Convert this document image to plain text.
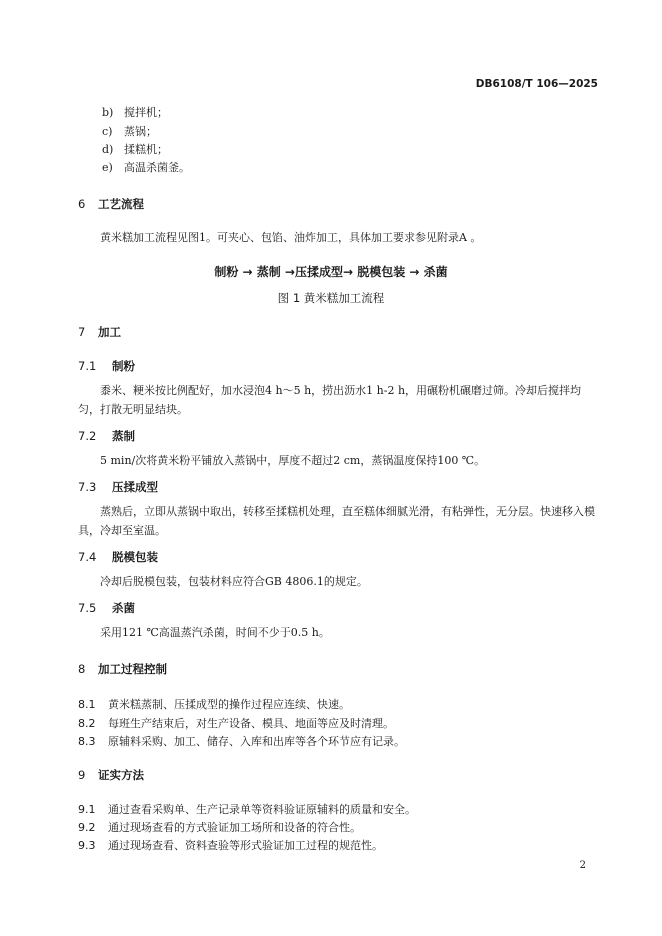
DB6108/T 106—2025
b) 搅拌机；
c) 蒸锅；
d) 揉糕机；
e) 高温杀菌釜。
6 工艺流程
黄米糕加工流程见图1。可夹心、包馅、油炸加工，具体加工要求参见附录A 。
制粉 → 蒸制 →压揉成型→ 脱模包装 → 杀菌
图 1 黄米糕加工流程
7 加工
7.1 制粉
黍米、粳米按比例配好，加水浸泡4 h～5 h，捞出沥水1 h-2 h，用碾粉机碾磨过筛。冷却后搅拌均匀，打散无明显结块。
7.2 蒸制
5 min/次将黄米粉平铺放入蒸锅中，厚度不超过2 cm，蒸锅温度保持100 ℃。
7.3 压揉成型
蒸熟后，立即从蒸锅中取出，转移至揉糕机处理，直至糕体细腻光滑，有粘弹性，无分层。快速移入模具，冷却至室温。
7.4 脱模包装
冷却后脱模包装，包装材料应符合GB 4806.1的规定。
7.5 杀菌
采用121 ℃高温蒸汽杀菌，时间不少于0.5 h。
8 加工过程控制
8.1 黄米糕蒸制、压揉成型的操作过程应连续、快速。
8.2 每班生产结束后，对生产设备、模具、地面等应及时清理。
8.3 原辅料采购、加工、储存、入库和出库等各个环节应有记录。
9 证实方法
9.1 通过查看采购单、生产记录单等资料验证原辅料的质量和安全。
9.2 通过现场查看的方式验证加工场所和设备的符合性。
9.3 通过现场查看、资料查验等形式验证加工过程的规范性。
2
